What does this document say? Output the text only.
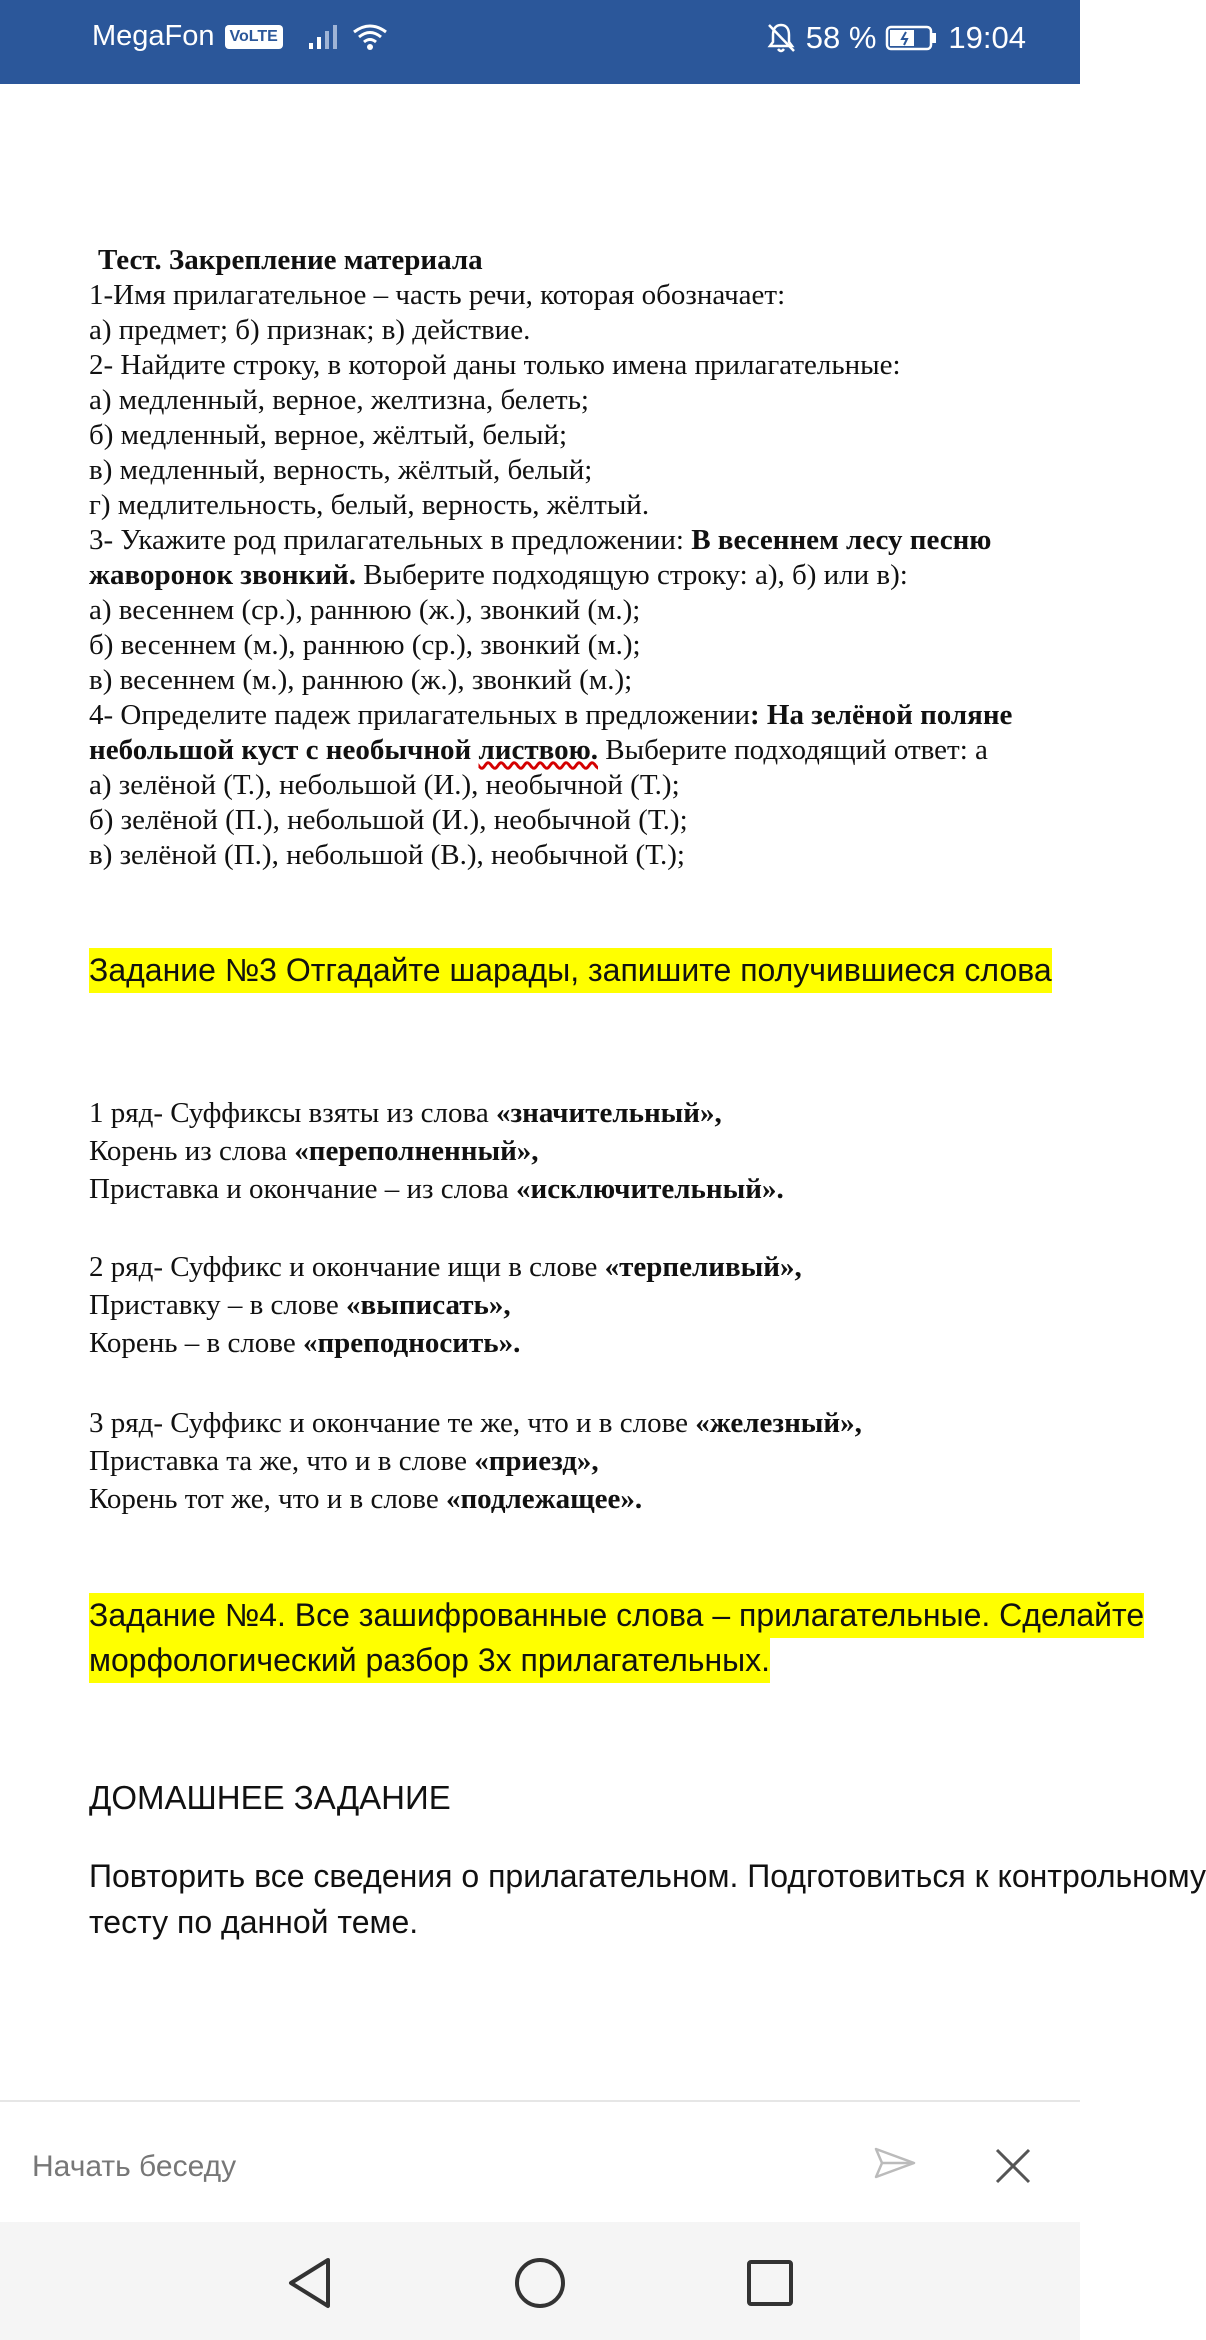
MegaFon VoLTE	58 % 19:04
Тест. Закрепление материала
1-Имя прилагательное – часть речи, которая обозначает:
а) предмет; б) признак; в) действие.
2- Найдите строку, в которой даны только имена прилагательные:
а) медленный, верное, желтизна, белеть;
б) медленный, верное, жёлтый, белый;
в) медленный, верность, жёлтый, белый;
г) медлительность, белый, верность, жёлтый.
3- Укажите род прилагательных в предложении: В весеннем лесу песню
жаворонок звонкий. Выберите подходящую строку: а), б) или в):
а) весеннем (ср.), раннюю (ж.), звонкий (м.);
б) весеннем (м.), раннюю (ср.), звонкий (м.);
в) весеннем (м.), раннюю (ж.), звонкий (м.);
4- Определите падеж прилагательных в предложении: На зелёной поляне
небольшой куст с необычной листвою. Выберите подходящий ответ: а
а) зелёной (Т.), небольшой (И.), необычной (Т.);
б) зелёной (П.), небольшой (И.), необычной (Т.);
в) зелёной (П.), небольшой (В.), необычной (Т.);
Задание №3 Отгадайте шарады, запишите получившиеся слова
1 ряд- Суффиксы взяты из слова «значительный»,
Корень из слова «переполненный»,
Приставка и окончание – из слова «исключительный».
2 ряд- Суффикс и окончание ищи в слове «терпеливый»,
Приставку – в слове «выписать»,
Корень – в слове «преподносить».
3 ряд- Суффикс и окончание те же, что и в слове «железный»,
Приставка та же, что и в слове «приезд»,
Корень тот же, что и в слове «подлежащее».
Задание №4. Все зашифрованные слова – прилагательные. Сделайте
морфологический разбор 3х прилагательных.
ДОМАШНЕЕ ЗАДАНИЕ
Повторить все сведения о прилагательном. Подготовиться к контрольному
тесту по данной теме.
Начать беседу
